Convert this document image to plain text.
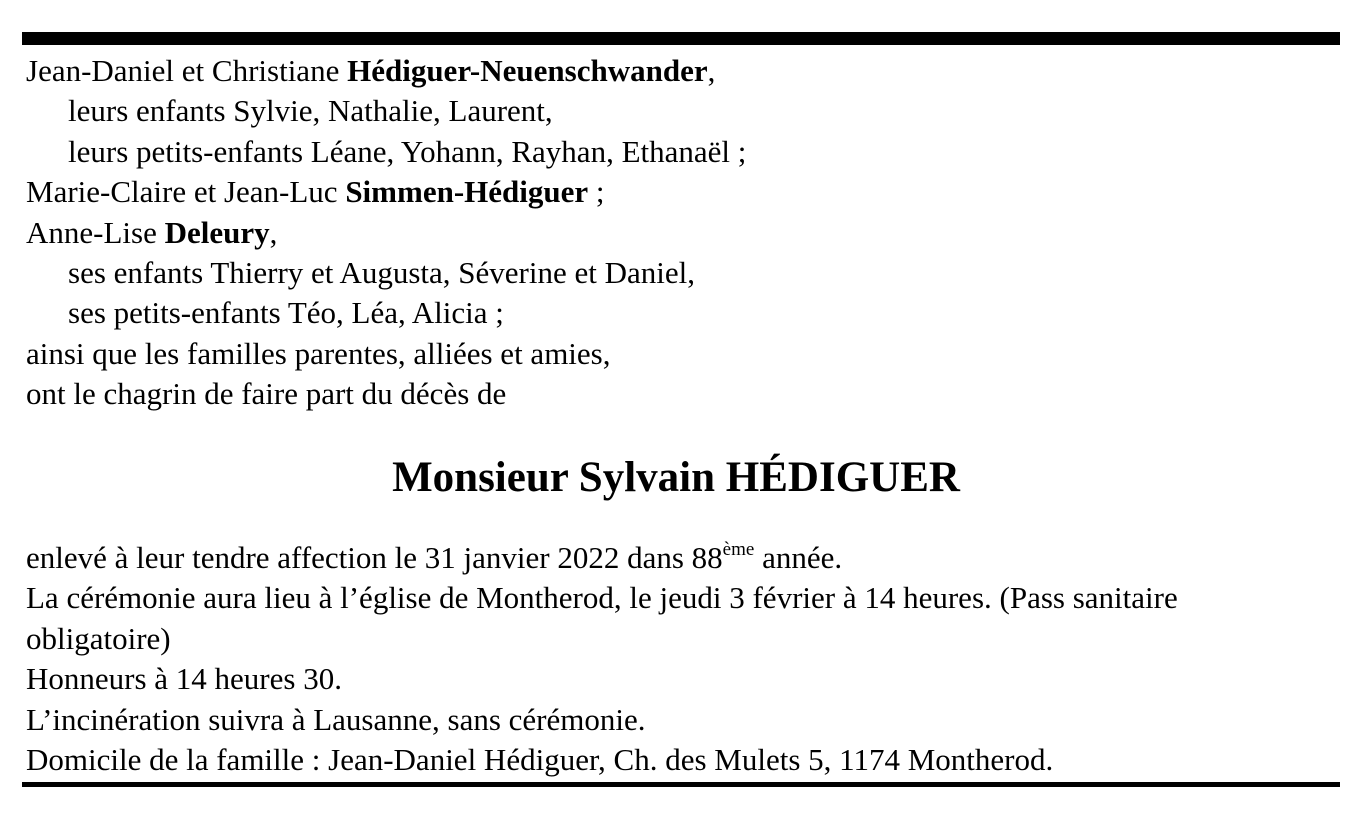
Jean-Daniel et Christiane Hédiguer-Neuenschwander,
leurs enfants Sylvie, Nathalie, Laurent,
leurs petits-enfants Léane, Yohann, Rayhan, Ethanaël ;
Marie-Claire et Jean-Luc Simmen-Hédiguer ;
Anne-Lise Deleury,
ses enfants Thierry et Augusta, Séverine et Daniel,
ses petits-enfants Téo, Léa, Alicia ;
ainsi que les familles parentes, alliées et amies,
ont le chagrin de faire part du décès de
Monsieur Sylvain HÉDIGUER
enlevé à leur tendre affection le 31 janvier 2022 dans 88ème année.
La cérémonie aura lieu à l’église de Montherod, le jeudi 3 février à 14 heures. (Pass sanitaire
obligatoire)
Honneurs à 14 heures 30.
L’incinération suivra à Lausanne, sans cérémonie.
Domicile de la famille : Jean-Daniel Hédiguer, Ch. des Mulets 5, 1174 Montherod.
